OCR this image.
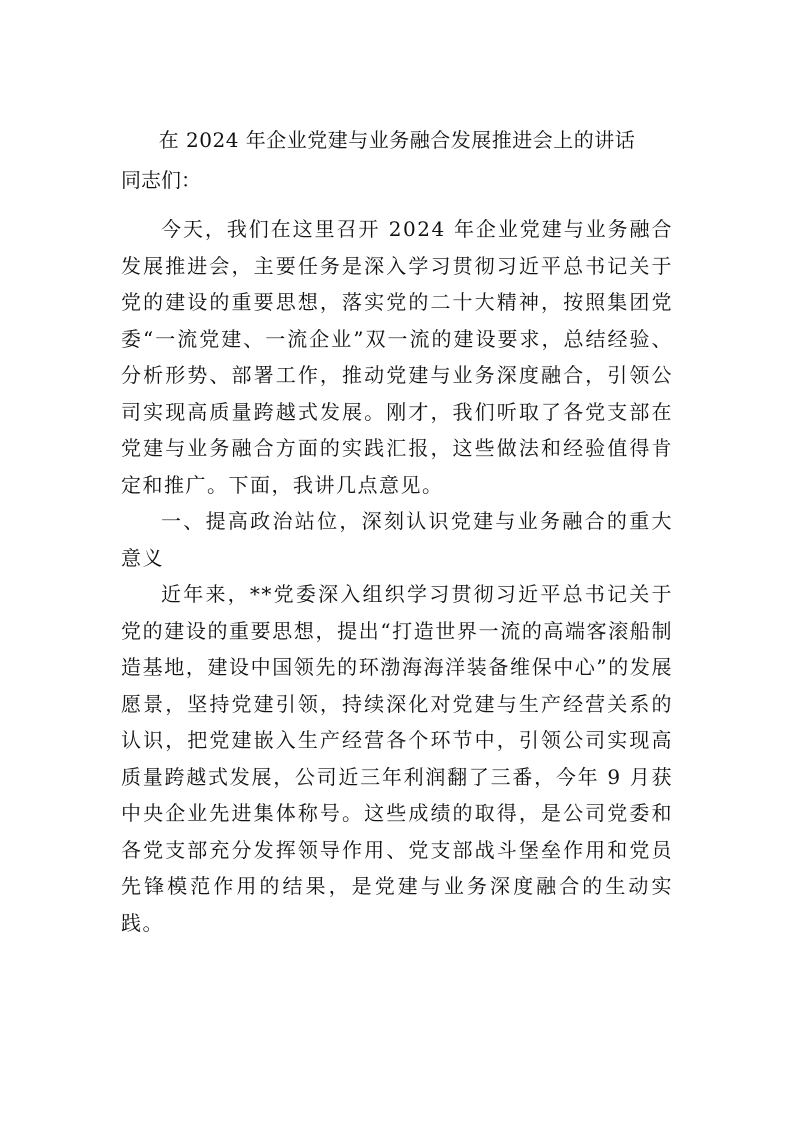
在 2024 年企业党建与业务融合发展推进会上的讲话

同志们：

今天，我们在这里召开 2024 年企业党建与业务融合发展推进会，主要任务是深入学习贯彻习近平总书记关于党的建设的重要思想，落实党的二十大精神，按照集团党委“一流党建、一流企业”双一流的建设要求，总结经验、分析形势、部署工作，推动党建与业务深度融合，引领公司实现高质量跨越式发展。刚才，我们听取了各党支部在党建与业务融合方面的实践汇报，这些做法和经验值得肯定和推广。下面，我讲几点意见。

一、提高政治站位，深刻认识党建与业务融合的重大意义

近年来，**党委深入组织学习贯彻习近平总书记关于党的建设的重要思想，提出“打造世界一流的高端客滚船制造基地，建设中国领先的环渤海海洋装备维保中心”的发展愿景，坚持党建引领，持续深化对党建与生产经营关系的认识，把党建嵌入生产经营各个环节中，引领公司实现高质量跨越式发展，公司近三年利润翻了三番，今年 9 月获中央企业先进集体称号。这些成绩的取得，是公司党委和各党支部充分发挥领导作用、党支部战斗堡垒作用和党员先锋模范作用的结果，是党建与业务深度融合的生动实践。
